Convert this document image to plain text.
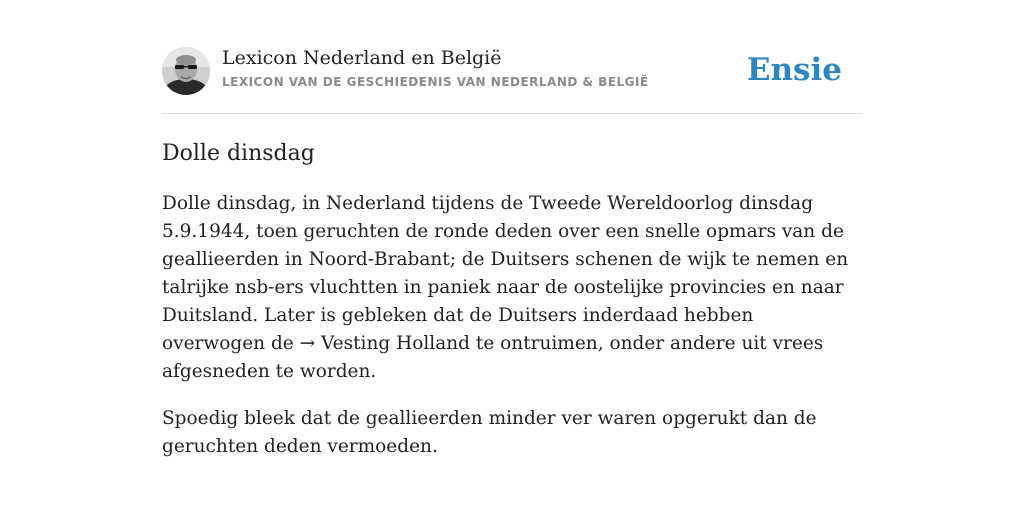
Lexicon Nederland en België
LEXICON VAN DE GESCHIEDENIS VAN NEDERLAND & BELGIË	Ensie
Dolle dinsdag

Dolle dinsdag, in Nederland tijdens de Tweede Wereldoorlog dinsdag 5.9.1944, toen geruchten de ronde deden over een snelle opmars van de geallieerden in Noord-Brabant; de Duitsers schenen de wijk te nemen en talrijke nsb-ers vluchtten in paniek naar de oostelijke provincies en naar Duitsland. Later is gebleken dat de Duitsers inderdaad hebben overwogen de → Vesting Holland te ontruimen, onder andere uit vrees afgesneden te worden.

Spoedig bleek dat de geallieerden minder ver waren opgerukt dan de geruchten deden vermoeden.
